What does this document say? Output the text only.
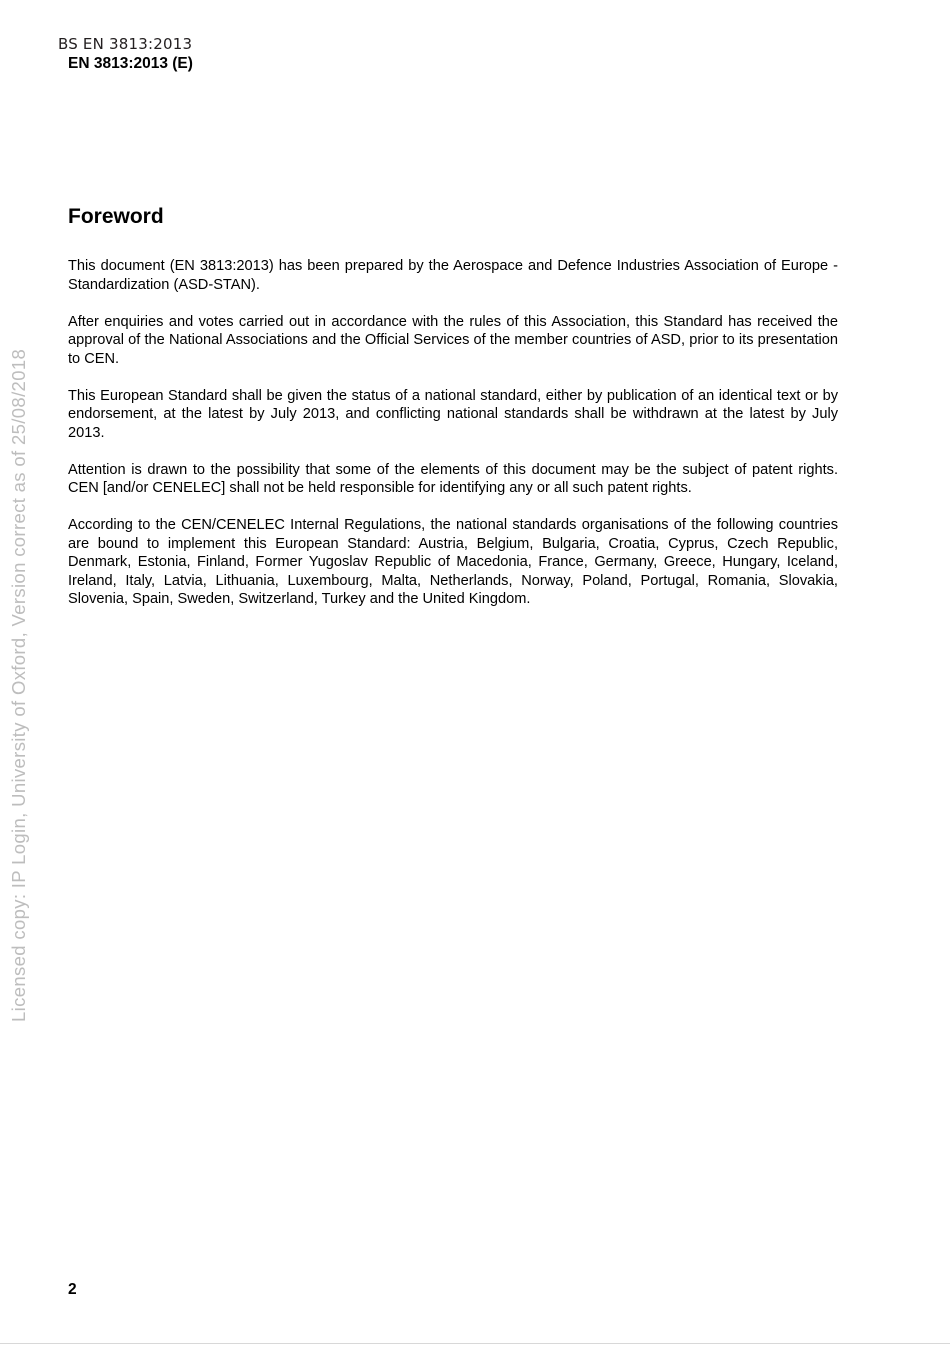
BS EN 3813:2013
EN 3813:2013 (E)
Foreword

This document (EN 3813:2013) has been prepared by the Aerospace and Defence Industries Association of Europe - Standardization (ASD-STAN).

After enquiries and votes carried out in accordance with the rules of this Association, this Standard has received the approval of the National Associations and the Official Services of the member countries of ASD, prior to its presentation to CEN.

This European Standard shall be given the status of a national standard, either by publication of an identical text or by endorsement, at the latest by July 2013, and conflicting national standards shall be withdrawn at the latest by July 2013.

Attention is drawn to the possibility that some of the elements of this document may be the subject of patent rights. CEN [and/or CENELEC] shall not be held responsible for identifying any or all such patent rights.

According to the CEN/CENELEC Internal Regulations, the national standards organisations of the following countries are bound to implement this European Standard: Austria, Belgium, Bulgaria, Croatia, Cyprus, Czech Republic, Denmark, Estonia, Finland, Former Yugoslav Republic of Macedonia, France, Germany, Greece, Hungary, Iceland, Ireland, Italy, Latvia, Lithuania, Luxembourg, Malta, Netherlands, Norway, Poland, Portugal, Romania, Slovakia, Slovenia, Spain, Sweden, Switzerland, Turkey and the United Kingdom.

Licensed copy: IP Login, University of Oxford, Version correct as of 25/08/2018
2
